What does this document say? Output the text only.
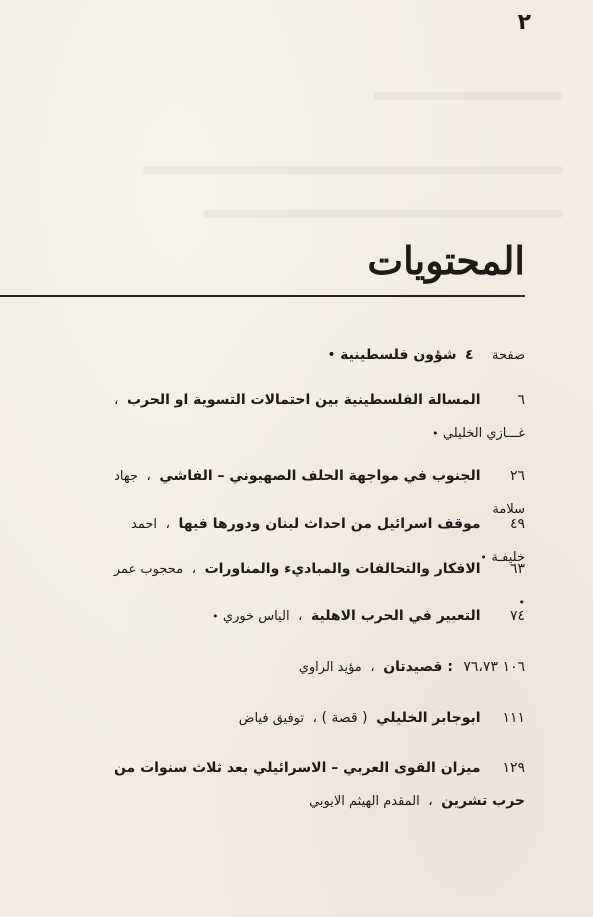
٢
المحتويات
صفحة ٤ شؤون فلسطينية •
٦ المسالة الفلسطينية بين احتمالات التسوية او الحرب ، غـــازي الخليلي •
٢٦ الجنوب في مواجهة الحلف الصهيوني – الفاشي ، جهاد سلامة
٤٩ موقف اسرائيل من احداث لبنان ودورها فيها ، احمد خليفـة •
٦٣ الافكار والتحالفات والمباديء والمناورات ، محجوب عمر •
٧٤ التعبير في الحرب الاهلية ، الياس خوري •
١٠٦ ٧٦،٧٣ : قصيدتان ، مؤيد الراوي
١١١ ابوجابر الخليلي ( قصة ) ، توفيق فياض
١٢٩ ميزان القوى العربي – الاسرائيلي بعد ثلاث سنوات من حرب تشرين ، المقدم الهيثم الايوبي
